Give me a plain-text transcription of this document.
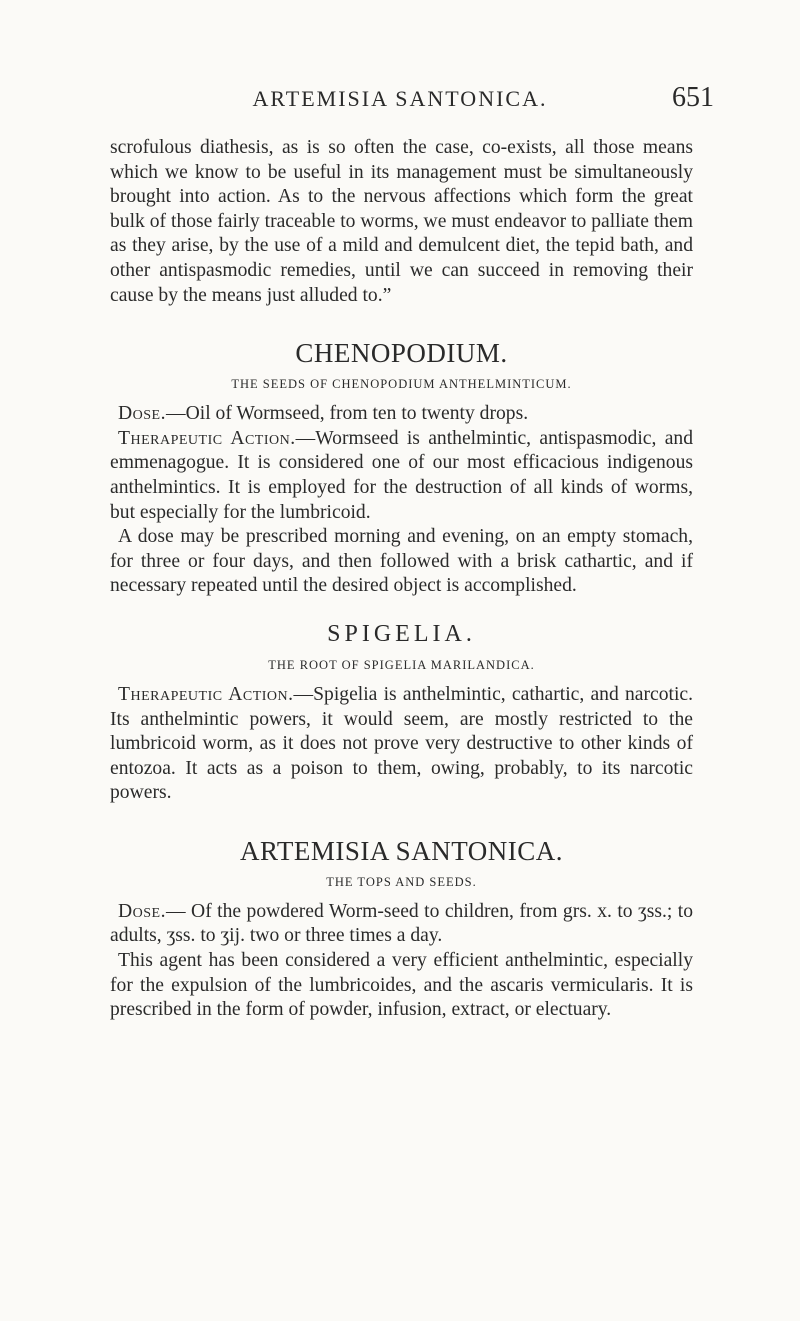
ARTEMISIA SANTONICA.	651

scrofulous diathesis, as is so often the case, co-exists, all those means which we know to be useful in its management must be simultaneously brought into action. As to the nervous affections which form the great bulk of those fairly traceable to worms, we must endeavor to palliate them as they arise, by the use of a mild and demulcent diet, the tepid bath, and other antispasmodic remedies, until we can succeed in removing their cause by the means just alluded to.”

CHENOPODIUM.
THE SEEDS OF CHENOPODIUM ANTHELMINTICUM.

Dose.—Oil of Wormseed, from ten to twenty drops.

Therapeutic Action.—Wormseed is anthelmintic, antispasmodic, and emmenagogue. It is considered one of our most efficacious indigenous anthelmintics. It is employed for the destruction of all kinds of worms, but especially for the lumbricoid.

A dose may be prescribed morning and evening, on an empty stomach, for three or four days, and then followed with a brisk cathartic, and if necessary repeated until the desired object is accomplished.

SPIGELIA.
THE ROOT OF SPIGELIA MARILANDICA.

Therapeutic Action.—Spigelia is anthelmintic, cathartic, and narcotic. Its anthelmintic powers, it would seem, are mostly restricted to the lumbricoid worm, as it does not prove very destructive to other kinds of entozoa. It acts as a poison to them, owing, probably, to its narcotic powers.

ARTEMISIA SANTONICA.
THE TOPS AND SEEDS.

Dose.— Of the powdered Worm-seed to children, from grs. x. to ʒss.; to adults, ʒss. to ʒij. two or three times a day.

This agent has been considered a very efficient anthelmintic, especially for the expulsion of the lumbricoides, and the ascaris vermicularis. It is prescribed in the form of powder, infusion, extract, or electuary.
